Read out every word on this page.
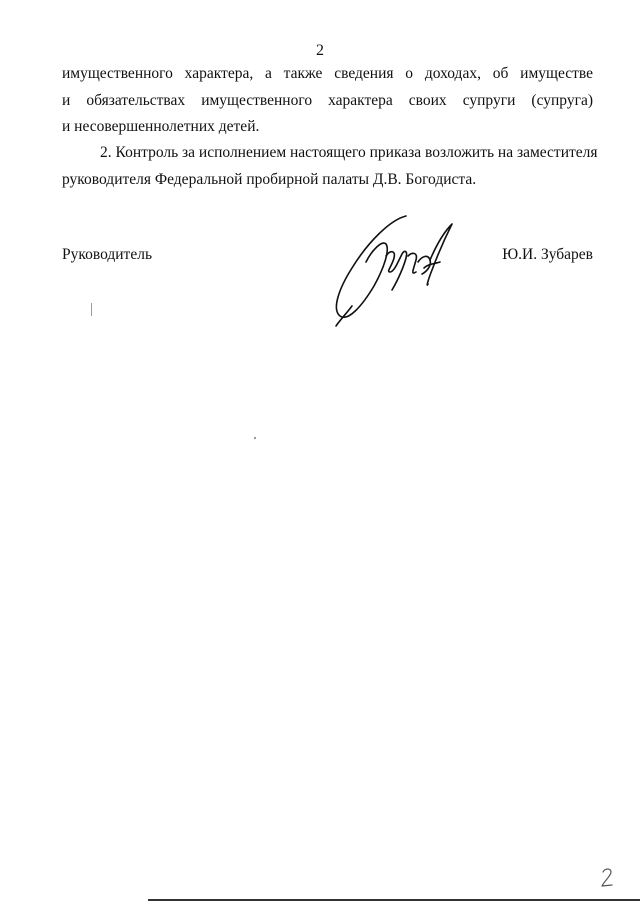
2
имущественного характера, а также сведения о доходах, об имуществе
и обязательствах имущественного характера своих супруги (супруга)
и несовершеннолетних детей.
2. Контроль за исполнением настоящего приказа возложить на заместителя
руководителя Федеральной пробирной палаты Д.В. Богодиста.
Руководитель	Ю.И. Зубарев
